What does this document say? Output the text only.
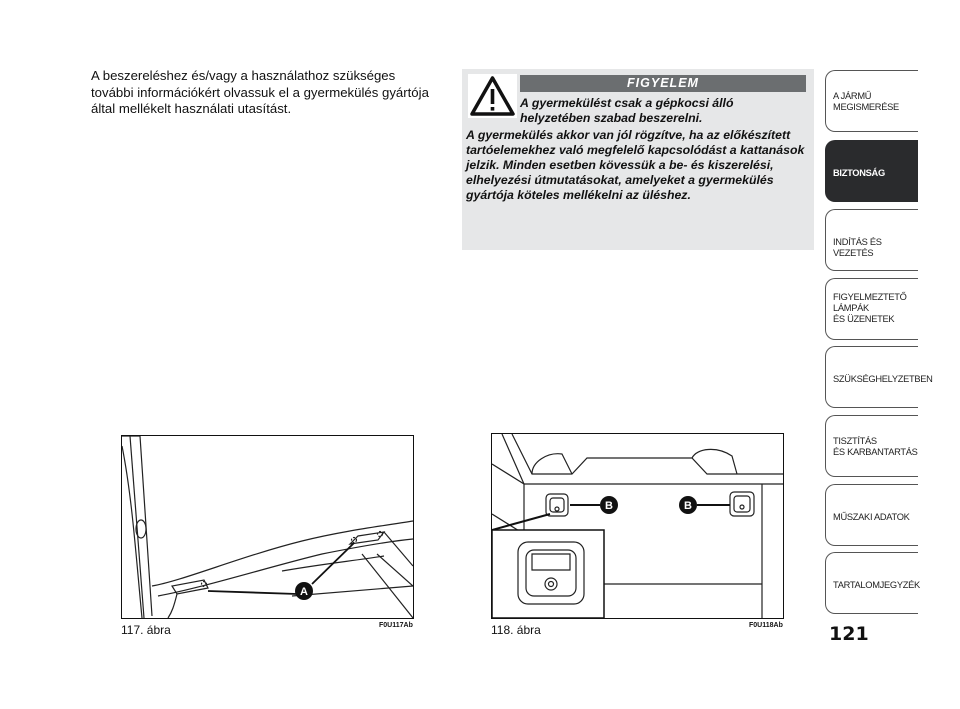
A beszereléshez és/vagy a használathoz szükséges további információkért olvassuk el a gyermekülés gyártója által mellékelt használati utasítást.
FIGYELEM
A gyermekülést csak a gépkocsi álló helyzetében szabad beszerelni.
A gyermekülés akkor van jól rögzítve, ha az előkészített tartóelemekhez való megfelelő kapcsolódást a kattanások jelzik. Minden esetben kövessük a be- és kiszerelési, elhelyezési útmutatásokat, amelyeket a gyermekülés gyártója köteles mellékelni az üléshez.
A
117. ábra	F0U117Ab
B	B
118. ábra	F0U118Ab
A JÁRMŰ
MEGISMERÉSE
BIZTONSÁG
INDÍTÁS ÉS VEZETÉS
FIGYELMEZTETŐ
LÁMPÁK
ÉS ÜZENETEK
SZÜKSÉGHELYZETBEN
TISZTÍTÁS
ÉS KARBANTARTÁS
MŰSZAKI ADATOK
TARTALOMJEGYZÉK
121
